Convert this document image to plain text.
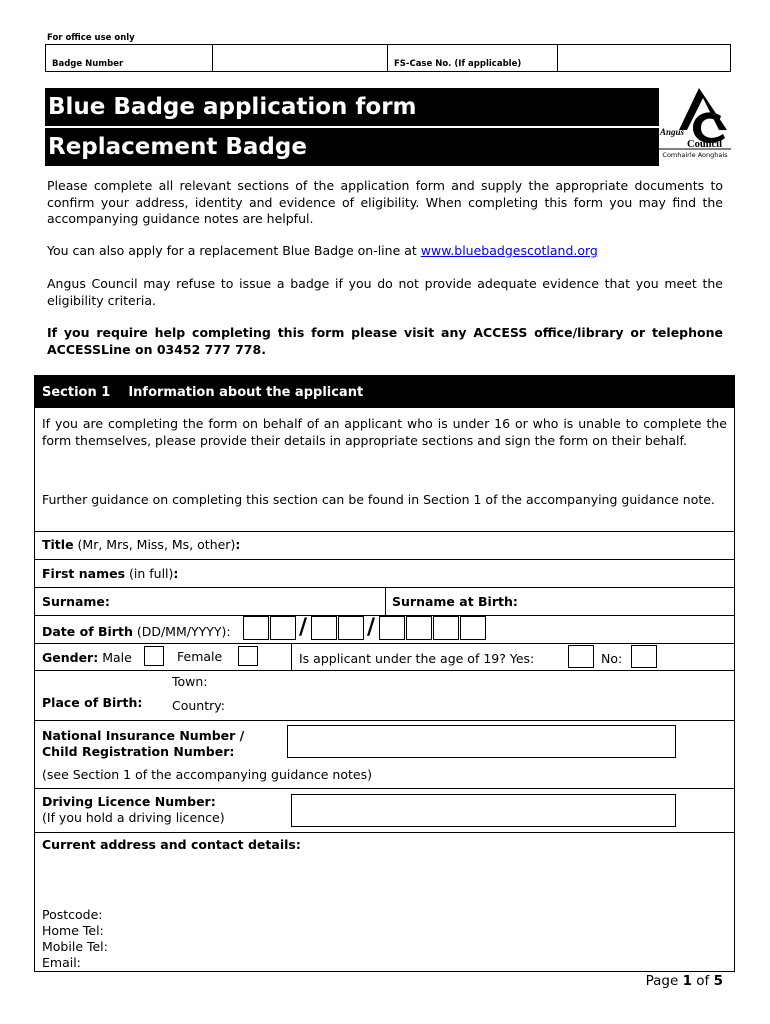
For office use only
Badge Number		FS-Case No. (If applicable)	
Blue Badge application form
Replacement Badge
Angus
Council
Comhairle Aonghais
Please complete all relevant sections of the application form and supply the appropriate documents to confirm your address, identity and evidence of eligibility. When completing this form you may find the accompanying guidance notes are helpful.
You can also apply for a replacement Blue Badge on-line at www.bluebadgescotland.org
Angus Council may refuse to issue a badge if you do not provide adequate evidence that you meet the eligibility criteria.
If you require help completing this form please visit any ACCESS office/library or telephone ACCESSLine on 03452 777 778.
Section 1 Information about the applicant
If you are completing the form on behalf of an applicant who is under 16 or who is unable to complete the form themselves, please provide their details in appropriate sections and sign the form on their behalf.
Further guidance on completing this section can be found in Section 1 of the accompanying guidance note.
Title (Mr, Mrs, Miss, Ms, other):
First names (in full):
Surname:	Surname at Birth:
Date of Birth (DD/MM/YYYY):	/	/
Gender: Male	Female	Is applicant under the age of 19? Yes:	No:
Town:
Place of Birth: Country:
National Insurance Number /
Child Registration Number:
(see Section 1 of the accompanying guidance notes)
Driving Licence Number:
(If you hold a driving licence)
Current address and contact details:
Postcode:
Home Tel:
Mobile Tel:
Email:
Page 1 of 5
